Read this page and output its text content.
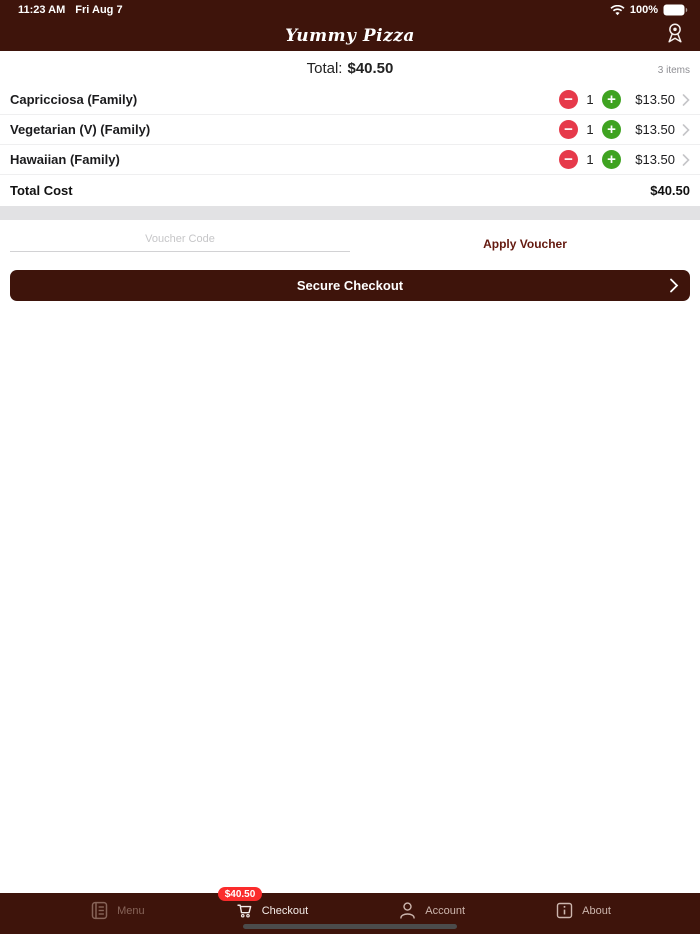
11:23 AM Fri Aug 7	100%
Yummy Pizza
Total: $40.50	3 items
Capricciosa (Family)	−	1 +	$13.50
Vegetarian (V) (Family)	−	1 +	$13.50
Hawaiian (Family)	−	1 +	$13.50
Total Cost	$40.50
Voucher Code
Apply Voucher
Secure Checkout
Menu
$40.50
Checkout	Account	About
